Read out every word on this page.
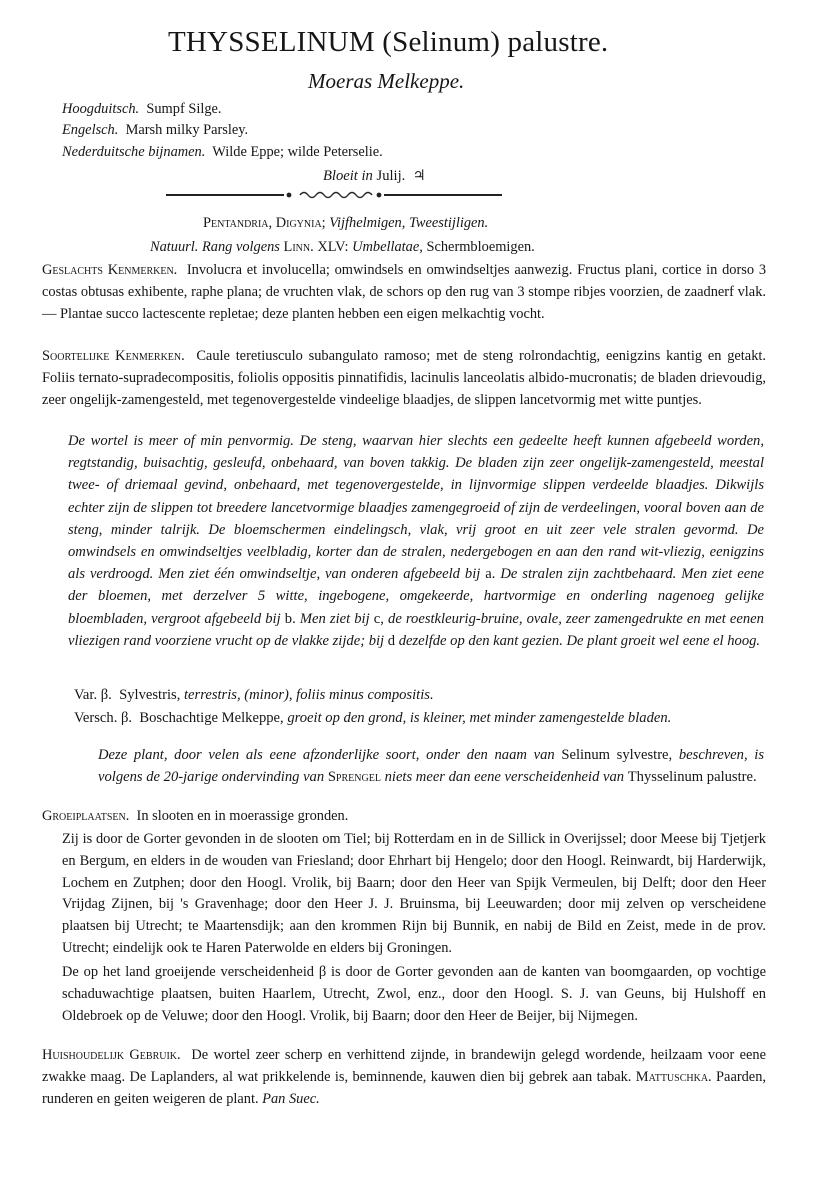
THYSSELINUM (Selinum) palustre.
Moeras Melkeppe.
Hoogduitsch. Sumpf Silge.
Engelsch. Marsh milky Parsley.
Nederduitsche bijnamen. Wilde Eppe; wilde Peterselie.
Bloeit in Julij. ♃
Pentandria, Digynia; Vijfhelmigen, Tweestijligen.
Natuurl. Rang volgens Linn. XLV: Umbellatae, Schermbloemigen.
Geslachts Kenmerken. Involucra et involucella; omwindsels en omwindseltjes aanwezig. Fructus plani, cortice in dorso 3 costas obtusas exhibente, raphe plana; de vruchten vlak, de schors op den rug van 3 stompe ribjes voorzien, de zaadnerf vlak. — Plantae succo lactescente repletae; deze planten hebben een eigen melkachtig vocht.
Soortelijke Kenmerken. Caule teretiusculo subangulato ramoso; met de steng rolrondachtig, eenigzins kantig en getakt. Foliis ternato-supradecompositis, foliolis oppositis pinnatifidis, lacinulis lanceolatis albido-mucronatis; de bladen drievoudig, zeer ongelijk-zamengesteld, met tegenovergestelde vindeelige blaadjes, de slippen lancetvormig met witte puntjes.
De wortel is meer of min penvormig. De steng, waarvan hier slechts een gedeelte heeft kunnen afgebeeld worden, regtstandig, buisachtig, gesleufd, onbehaard, van boven takkig. De bladen zijn zeer ongelijk-zamengesteld, meestal twee- of driemaal gevind, onbehaard, met tegenovergestelde, in lijnvormige slippen verdeelde blaadjes. Dikwijls echter zijn de slippen tot breedere lancetvormige blaadjes zamengegroeid of zijn de verdeelingen, vooral boven aan de steng, minder talrijk. De bloemschermen eindelingsch, vlak, vrij groot en uit zeer vele stralen gevormd. De omwindsels en omwindseltjes veelbladig, korter dan de stralen, nedergebogen en aan den rand wit-vliezig, eenigzins als verdroogd. Men ziet één omwindseltje, van onderen afgebeeld bij a. De stralen zijn zachtbehaard. Men ziet eene der bloemen, met derzelver 5 witte, ingebogene, omgekeerde, hartvormige en onderling nagenoeg gelijke bloembladen, vergroot afgebeeld bij b. Men ziet bij c, de roestkleurig-bruine, ovale, zeer zamengedrukte en met eenen vliezigen rand voorziene vrucht op de vlakke zijde; bij d dezelfde op den kant gezien. De plant groeit wel eene el hoog.
Var. β. Sylvestris, terrestris, (minor), foliis minus compositis.
Versch. β. Boschachtige Melkeppe, groeit op den grond, is kleiner, met minder zamengestelde bladen.
Deze plant, door velen als eene afzonderlijke soort, onder den naam van Selinum sylvestre, beschreven, is volgens de 20-jarige ondervinding van Sprengel niets meer dan eene verscheidenheid van Thysselinum palustre.
Groeiplaatsen. In slooten en in moerassige gronden.
Zij is door de Gorter gevonden in de slooten om Tiel; bij Rotterdam en in de Sillick in Overijssel; door Meese bij Tjetjerk en Bergum, en elders in de wouden van Friesland; door Ehrhart bij Hengelo; door den Hoogl. Reinwardt, bij Harderwijk, Lochem en Zutphen; door den Hoogl. Vrolik, bij Baarn; door den Heer van Spijk Vermeulen, bij Delft; door den Heer Vrijdag Zijnen, bij 's Gravenhage; door den Heer J. J. Bruinsma, bij Leeuwarden; door mij zelven op verscheidene plaatsen bij Utrecht; te Maartensdijk; aan den krommen Rijn bij Bunnik, en nabij de Bild en Zeist, mede in de prov. Utrecht; eindelijk ook te Haren Paterwolde en elders bij Groningen.
De op het land groeijende verscheidenheid β is door de Gorter gevonden aan de kanten van boomgaarden, op vochtige schaduwachtige plaatsen, buiten Haarlem, Utrecht, Zwol, enz., door den Hoogl. S. J. van Geuns, bij Hulshoff en Oldebroek op de Veluwe; door den Hoogl. Vrolik, bij Baarn; door den Heer de Beijer, bij Nijmegen.
Huishoudelijk Gebruik. De wortel zeer scherp en verhittend zijnde, in brandewijn gelegd wordende, heilzaam voor eene zwakke maag. De Laplanders, al wat prikkelende is, beminnende, kauwen dien bij gebrek aan tabak. Mattuschka. Paarden, runderen en geiten weigeren de plant. Pan Suec.
